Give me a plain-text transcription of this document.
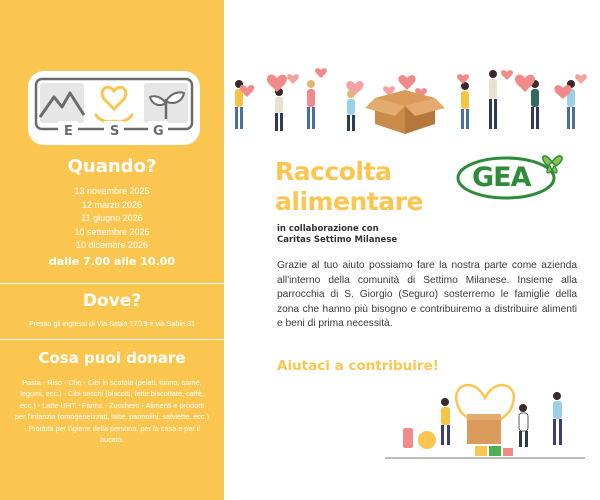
E	S	G
Quando?
13 novembre 2025
12 marzo 2026
11 giugno 2026
10 settembre 2026
10 dicembre 2026
dalle 7.00 alle 10.00
Dove?
Presso gli ingressi di Via Sabin 17/19 e via Sabin 31
Cosa puoi donare
Pasta - Riso - Olio - Cibi in scatola (pelati, tonno, carne, legumi, ecc.) - Cibi secchi (biscotti, fette biscottate, caffè, ecc.) - Latte UHT - Farina - Zucchero - Alimenti e prodotti per l'infanzia (omogeneizzati, latte, pannolini, salviette, ecc.) - Prodotti per l'igiene della persona, per la casa e per il bucato.
Raccolta
alimentare
in collaborazione con
Caritas Settimo Milanese
GEA
Grazie al tuo aiuto possiamo fare la nostra parte come azienda all'interno della comunità di Settimo Milanese. Insieme alla parrocchia di S. Giorgio (Seguro) sosterremo le famiglie della zona che hanno più bisogno e contribuiremo a distribuire alimenti e beni di prima necessità.
Aiutaci a contribuire!
